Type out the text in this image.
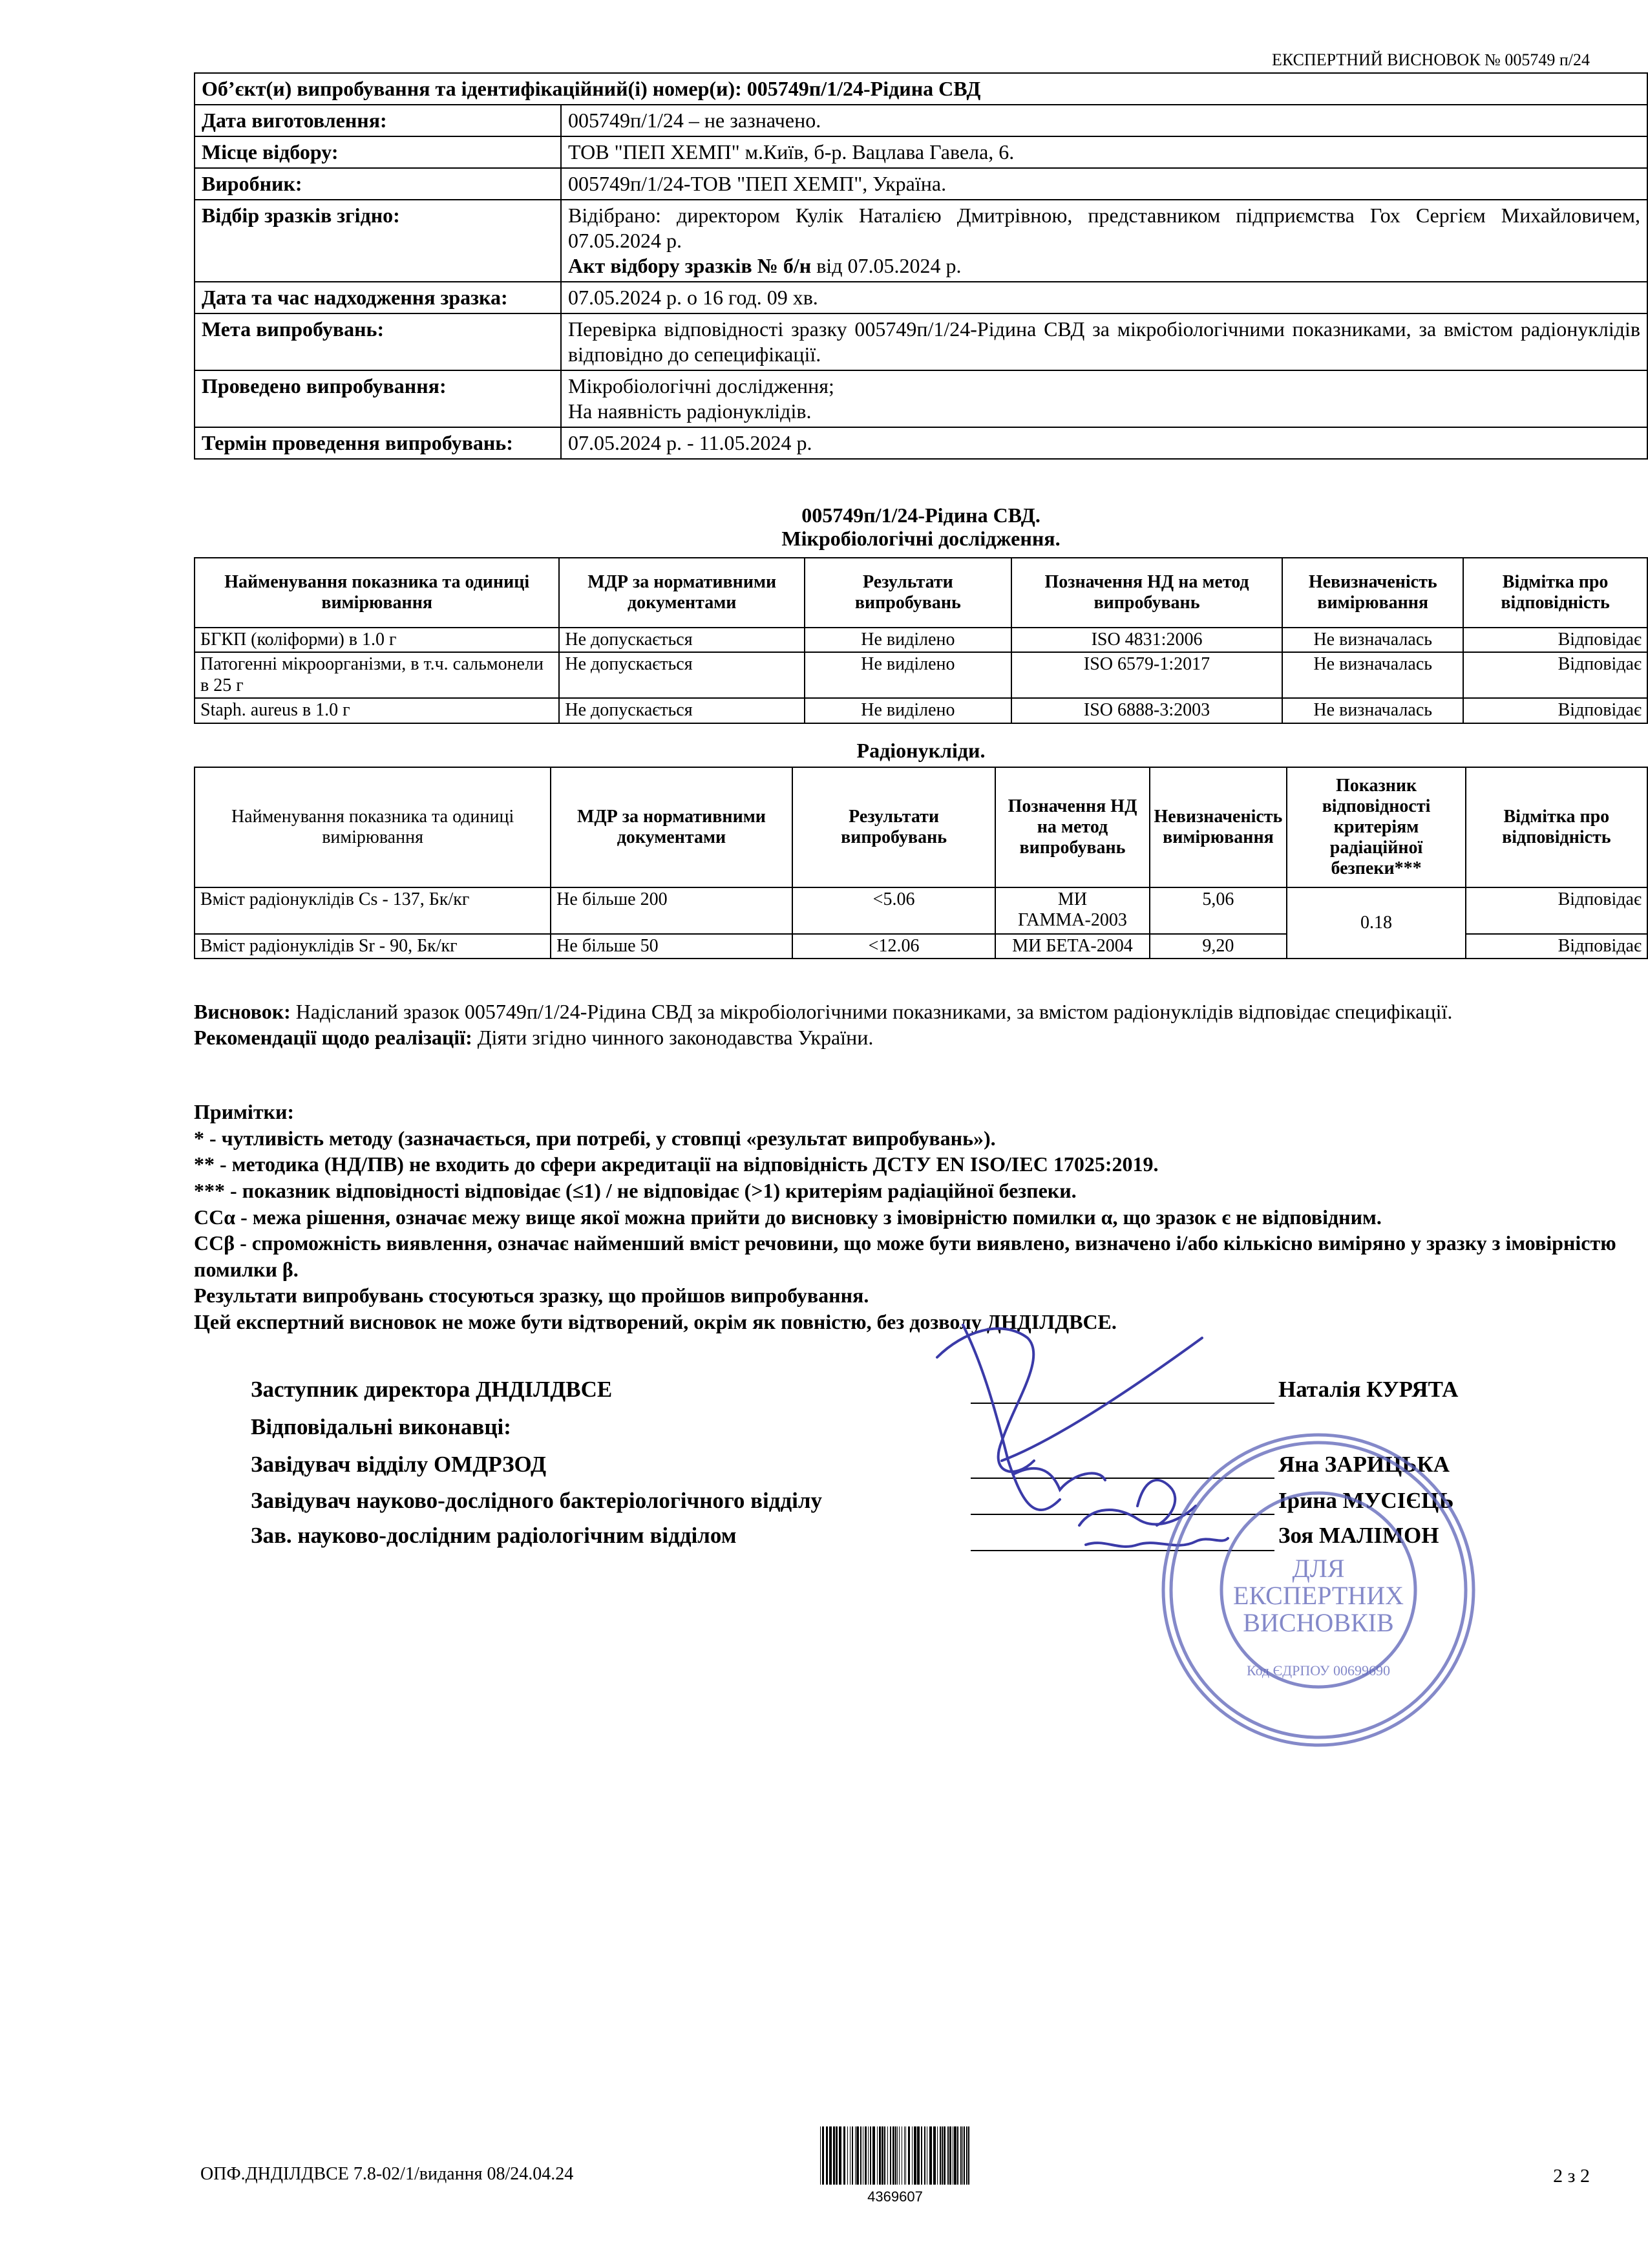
ЕКСПЕРТНИЙ ВИСНОВОК № 005749 п/24
Об’єкт(и) випробування та ідентифікаційний(і) номер(и): 005749п/1/24-Рідина СВД	
Дата виготовлення:	005749п/1/24 – не зазначено.
Місце відбору:	ТОВ "ПЕП ХЕМП" м.Київ, б-р. Вацлава Гавела, 6.
Виробник:	005749п/1/24-ТОВ "ПЕП ХЕМП", Україна.
Відбір зразків згідно:	Відібрано: директором Кулік Наталією Дмитрівною, представником підприємства Гох Сергієм Михайловичем, 07.05.2024 р.
Акт відбору зразків № б/н від 07.05.2024 р.
Дата та час надходження зразка:	07.05.2024 р. о 16 год. 09 хв.
Мета випробувань:	Перевірка відповідності зразку 005749п/1/24-Рідина СВД за мікробіологічними показниками, за вмістом радіонуклідів відповідно до сепецифікації.
Проведено випробування:	Мікробіологічні дослідження;
На наявність радіонуклідів.

Термін проведення випробувань:	07.05.2024 р. - 11.05.2024 р.
005749п/1/24-Рідина СВД.
Мікробіологічні дослідження.
Найменування показника та одиниці вимірювання	МДР за нормативними документами	Результати випробувань	Позначення НД на метод випробувань	Невизначеність вимірювання	Відмітка про відповідність
БГКП (коліформи) в 1.0 г	Не допускається	Не виділено	ISO 4831:2006	Не визначалась	Відповідає
Патогенні мікроорганізми, в т.ч. сальмонели в 25 г	Не допускається	Не виділено	ISO 6579-1:2017	Не визначалась	Відповідає
Staph. aureus в 1.0 г	Не допускається	Не виділено	ISO 6888-3:2003	Не визначалась	Відповідає
Радіонукліди.
Найменування показника та одиниці вимірювання	МДР за нормативними документами	Результати випробувань	Позначення НД на метод випробувань	Невизначеність вимірювання	Показник відповідності критеріям радіаційної безпеки***	Відмітка про відповідність
Вміст радіонуклідів Cs - 137, Бк/кг	Не більше 200	<5.06	МИ ГАММА-2003	5,06	0.18	Відповідає
Вміст радіонуклідів Sr - 90, Бк/кг	Не більше 50	<12.06	МИ БЕТА-2004	9,20		Відповідає
Висновок: Надісланий зразок 005749п/1/24-Рідина СВД за мікробіологічними показниками, за вмістом радіонуклідів відповідає специфікації.
Рекомендації щодо реалізації: Діяти згідно чинного законодавства України.
Примітки:
* - чутливість методу (зазначається, при потребі, у стовпці «результат випробувань»).
** - методика (НД/ПВ) не входить до сфери акредитації на відповідність ДСТУ EN ISO/IEC 17025:2019.
*** - показник відповідності відповідає (≤1) / не відповідає (>1) критеріям радіаційної безпеки.
ССα - межа рішення, означає межу вище якої можна прийти до висновку з імовірністю помилки α, що зразок є не відповідним.
ССβ - спроможність виявлення, означає найменший вміст речовини, що може бути виявлено, визначено і/або кількісно виміряно у зразку з імовірністю помилки β.
Результати випробувань стосуються зразку, що пройшов випробування.
Цей експертний висновок не може бути відтворений, окрім як повністю, без дозволу ДНДІЛДВСЕ.
Заступник директора ДНДІЛДВСЕ	Наталія КУРЯТА
Відповідальні виконавці:
Завідувач відділу ОМДРЗОД	Яна ЗАРИЦЬКА
Завідувач науково-дослідного бактеріологічного відділу	Ірина МУСІЄЦЬ
Зав. науково-дослідним радіологічним відділом	Зоя МАЛІМОН
ДЛЯ
ЕКСПЕРТНИХ
ВИСНОВКІВ
Код ЄДРПОУ 00699690
ОПФ.ДНДІЛДВСЕ 7.8-02/1/видання 08/24.04.24
4369607
2 з 2
